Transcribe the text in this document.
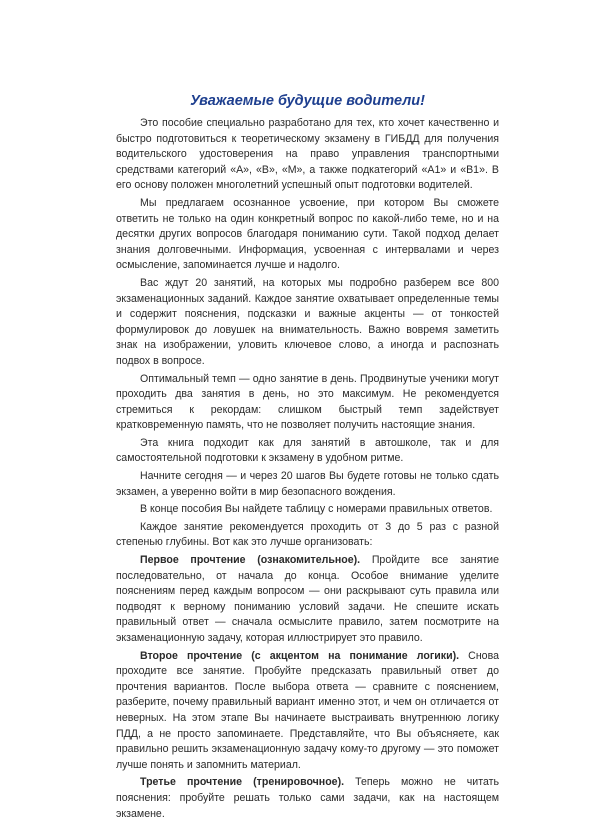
Уважаемые будущие водители!

Это пособие специально разработано для тех, кто хочет качественно и быстро подготовиться к теоретическому экзамену в ГИБДД для получения водительского удостоверения на право управления транспортными средствами категорий «А», «В», «М», а также подкатегорий «А1» и «В1». В его основу положен многолетний успешный опыт подготовки водителей.

Мы предлагаем осознанное усвоение, при котором Вы сможете ответить не только на один конкретный вопрос по какой-либо теме, но и на десятки других вопросов благодаря пониманию сути. Такой подход делает знания долговечными. Информация, усвоенная с интервалами и через осмысление, запоминается лучше и надолго.

Вас ждут 20 занятий, на которых мы подробно разберем все 800 экзаменационных заданий. Каждое занятие охватывает определенные темы и содержит пояснения, подсказки и важные акценты — от тонкостей формулировок до ловушек на внимательность. Важно вовремя заметить знак на изображении, уловить ключевое слово, а иногда и распознать подвох в вопросе.

Оптимальный темп — одно занятие в день. Продвинутые ученики могут проходить два занятия в день, но это максимум. Не рекомендуется стремиться к рекордам: слишком быстрый темп задействует кратковременную память, что не позволяет получить настоящие знания.

Эта книга подходит как для занятий в автошколе, так и для самостоятельной подготовки к экзамену в удобном ритме.

Начните сегодня — и через 20 шагов Вы будете готовы не только сдать экзамен, а уверенно войти в мир безопасного вождения.

В конце пособия Вы найдете таблицу с номерами правильных ответов.

Каждое занятие рекомендуется проходить от 3 до 5 раз с разной степенью глубины. Вот как это лучше организовать:

Первое прочтение (ознакомительное). Пройдите все занятие последовательно, от начала до конца. Особое внимание уделите пояснениям перед каждым вопросом — они раскрывают суть правила или подводят к верному пониманию условий задачи. Не спешите искать правильный ответ — сначала осмыслите правило, затем посмотрите на экзаменационную задачу, которая иллюстрирует это правило.

Второе прочтение (с акцентом на понимание логики). Снова проходите все занятие. Пробуйте предсказать правильный ответ до прочтения вариантов. После выбора ответа — сравните с пояснением, разберите, почему правильный вариант именно этот, и чем он отличается от неверных. На этом этапе Вы начинаете выстраивать внутреннюю логику ПДД, а не просто запоминаете. Представляйте, что Вы объясняете, как правильно решить экзаменационную задачу кому-то другому — это поможет лучше понять и запомнить материал.

Третье прочтение (тренировочное). Теперь можно не читать пояснения: пробуйте решать только сами задачи, как на настоящем экзамене.
